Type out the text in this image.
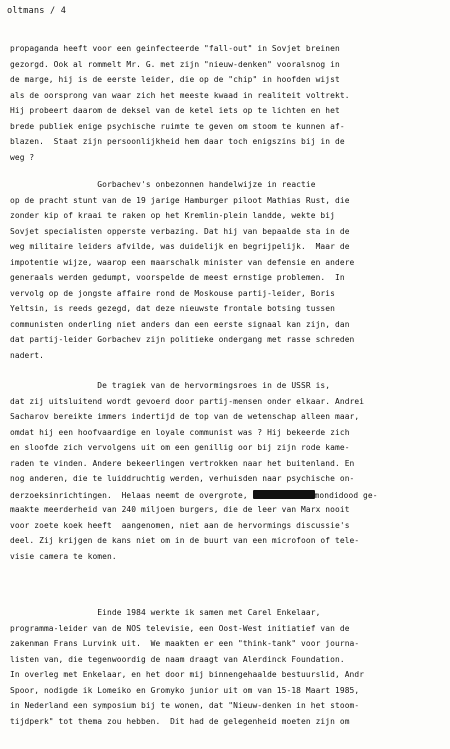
oltmans / 4
propaganda heeft voor een geinfecteerde "fall-out" in Sovjet breinen
gezorgd. Ook al rommelt Mr. G. met zijn "nieuw-denken" vooralsnog in
de marge, hij is de eerste leider, die op de "chip" in hoofden wijst
als de oorsprong van waar zich het meeste kwaad in realiteit voltrekt.
Hij probeert daarom de deksel van de ketel iets op te lichten en het
brede publiek enige psychische ruimte te geven om stoom te kunnen af-
blazen.  Staat zijn persoonlijkheid hem daar toch enigszins bij in de
weg ?
Gorbachev's onbezonnen handelwijze in reactie
op de pracht stunt van de 19 jarige Hamburger piloot Mathias Rust, die
zonder kip of kraai te raken op het Kremlin-plein landde, wekte bij
Sovjet specialisten opperste verbazing. Dat hij van bepaalde sta in de
weg militaire leiders afvilde, was duidelijk en begrijpelijk.  Maar de
impotentie wijze, waarop een maarschalk minister van defensie en andere
generaals werden gedumpt, voorspelde de meest ernstige problemen.  In
vervolg op de jongste affaire rond de Moskouse partij-leider, Boris
Yeltsin, is reeds gezegd, dat deze nieuwste frontale botsing tussen
communisten onderling niet anders dan een eerste signaal kan zijn, dan
dat partij-leider Gorbachev zijn politieke ondergang met rasse schreden
nadert.
De tragiek van de hervormingsroes in de USSR is,
dat zij uitsluitend wordt gevoerd door partij-mensen onder elkaar. Andrei
Sacharov bereikte immers indertijd de top van de wetenschap alleen maar,
omdat hij een hoofvaardige en loyale communist was ? Hij bekeerde zich
en sloofde zich vervolgens uit om een genillig oor bij zijn rode kame-
raden te vinden. Andere bekeerlingen vertrokken naar het buitenland. En
nog anderen, die te luiddruchtig werden, verhuisden naar psychische on-
derzoeksinrichtingen.  Helaas neemt de overgrote,	mondidood ge-
maakte meerderheid van 240 miljoen burgers, die de leer van Marx nooit
voor zoete koek heeft  aangenomen, niet aan de hervormings discussie's
deel. Zij krijgen de kans niet om in de buurt van een microfoon of tele-
visie camera te komen.
Einde 1984 werkte ik samen met Carel Enkelaar,
programma-leider van de NOS televisie, een Oost-West initiatief van de
zakenman Frans Lurvink uit.  We maakten er een "think-tank" voor journa-
listen van, die tegenwoordig de naam draagt van Alerdinck Foundation.
In overleg met Enkelaar, en het door mij binnengehaalde bestuurslid, Andr
Spoor, nodigde ik Lomeiko en Gromyko junior uit om van 15-18 Maart 1985,
in Nederland een symposium bij te wonen, dat "Nieuw-denken in het stoom-
tijdperk" tot thema zou hebben.  Dit had de gelegenheid moeten zijn om
